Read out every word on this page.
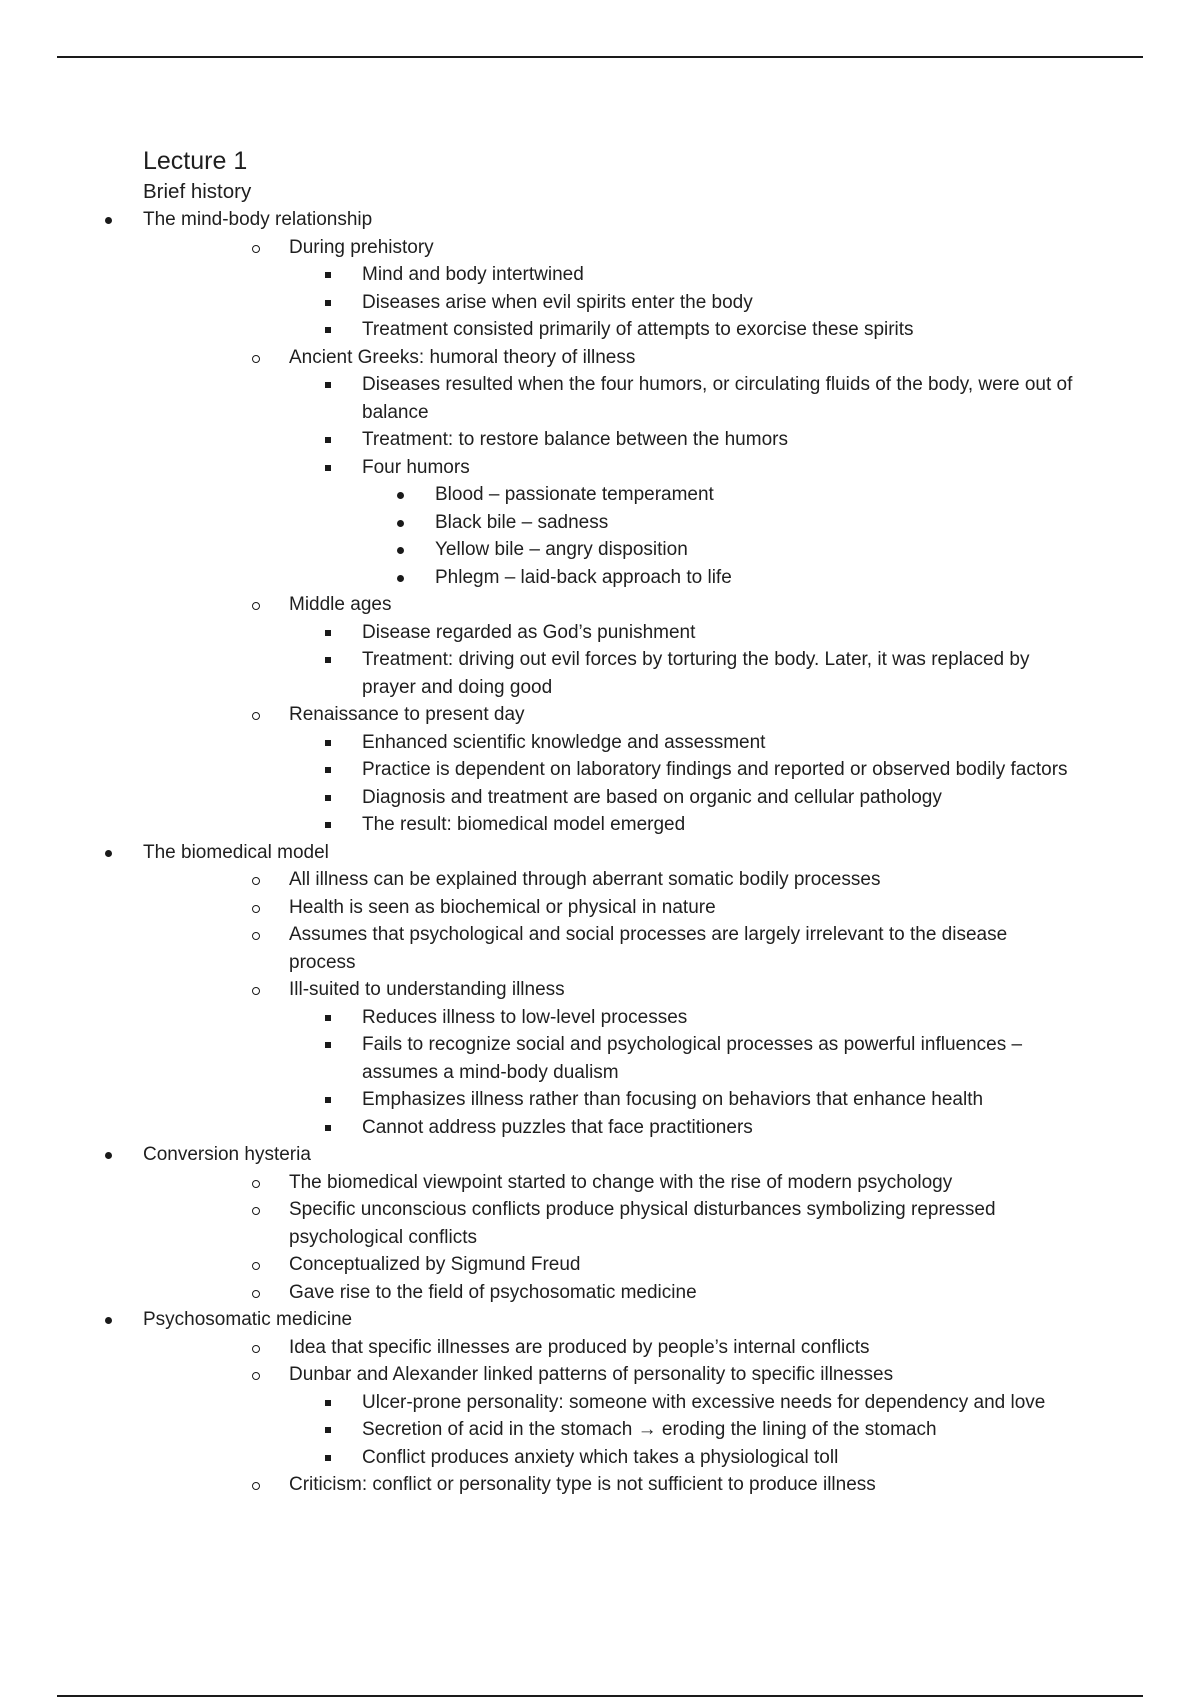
Lecture 1
Brief history
The mind-body relationship
During prehistory
Mind and body intertwined
Diseases arise when evil spirits enter the body
Treatment consisted primarily of attempts to exorcise these spirits
Ancient Greeks: humoral theory of illness
Diseases resulted when the four humors, or circulating fluids of the body, were out of balance
Treatment: to restore balance between the humors
Four humors
Blood – passionate temperament
Black bile – sadness
Yellow bile – angry disposition
Phlegm – laid-back approach to life
Middle ages
Disease regarded as God’s punishment
Treatment: driving out evil forces by torturing the body. Later, it was replaced by prayer and doing good
Renaissance to present day
Enhanced scientific knowledge and assessment
Practice is dependent on laboratory findings and reported or observed bodily factors
Diagnosis and treatment are based on organic and cellular pathology
The result: biomedical model emerged
The biomedical model
All illness can be explained through aberrant somatic bodily processes
Health is seen as biochemical or physical in nature
Assumes that psychological and social processes are largely irrelevant to the disease process
Ill-suited to understanding illness
Reduces illness to low-level processes
Fails to recognize social and psychological processes as powerful influences – assumes a mind-body dualism
Emphasizes illness rather than focusing on behaviors that enhance health
Cannot address puzzles that face practitioners
Conversion hysteria
The biomedical viewpoint started to change with the rise of modern psychology
Specific unconscious conflicts produce physical disturbances symbolizing repressed psychological conflicts
Conceptualized by Sigmund Freud
Gave rise to the field of psychosomatic medicine
Psychosomatic medicine
Idea that specific illnesses are produced by people’s internal conflicts
Dunbar and Alexander linked patterns of personality to specific illnesses
Ulcer-prone personality: someone with excessive needs for dependency and love
Secretion of acid in the stomach → eroding the lining of the stomach
Conflict produces anxiety which takes a physiological toll
Criticism: conflict or personality type is not sufficient to produce illness
